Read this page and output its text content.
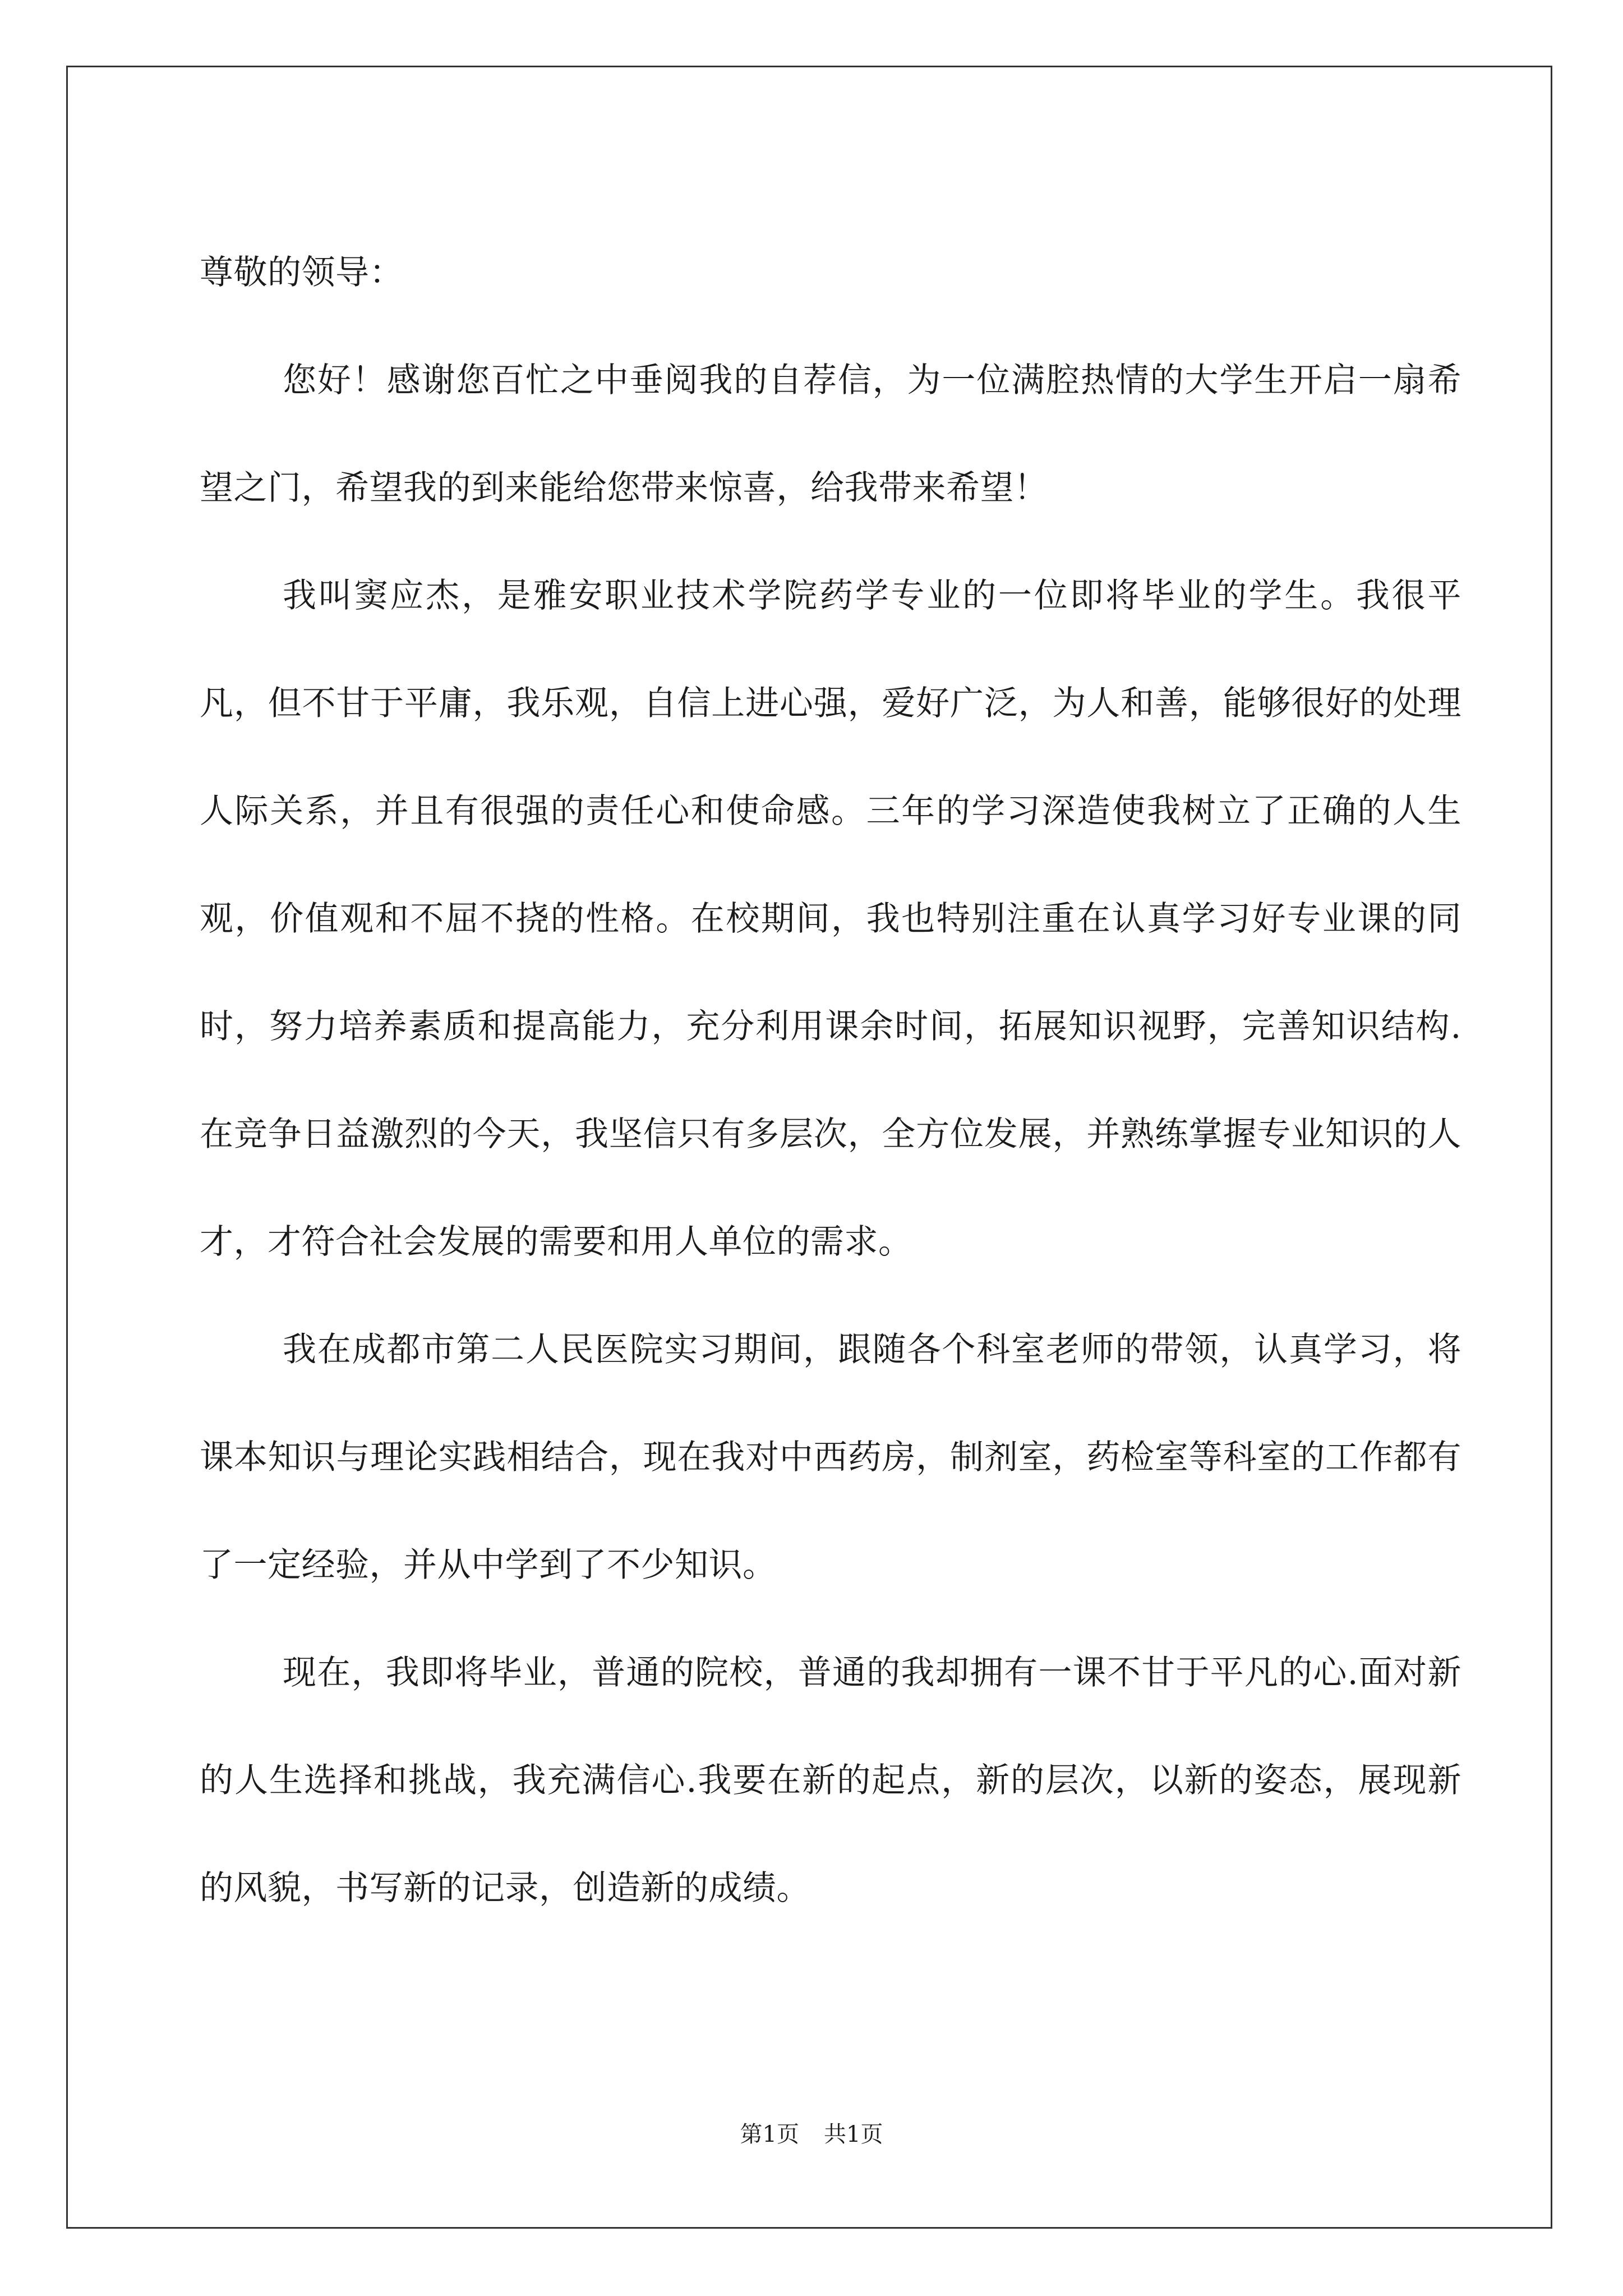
尊敬的领导：

您好！感谢您百忙之中垂阅我的自荐信，为一位满腔热情的大学生开启一扇希望之门，希望我的到来能给您带来惊喜，给我带来希望！

我叫窦应杰，是雅安职业技术学院药学专业的一位即将毕业的学生。我很平凡，但不甘于平庸，我乐观，自信上进心强，爱好广泛，为人和善，能够很好的处理人际关系，并且有很强的责任心和使命感。三年的学习深造使我树立了正确的人生观，价值观和不屈不挠的性格。在校期间，我也特别注重在认真学习好专业课的同时，努力培养素质和提高能力，充分利用课余时间，拓展知识视野，完善知识结构.在竞争日益激烈的今天，我坚信只有多层次，全方位发展，并熟练掌握专业知识的人才，才符合社会发展的需要和用人单位的需求。

我在成都市第二人民医院实习期间，跟随各个科室老师的带领，认真学习，将课本知识与理论实践相结合，现在我对中西药房，制剂室，药检室等科室的工作都有了一定经验，并从中学到了不少知识。

现在，我即将毕业，普通的院校，普通的我却拥有一课不甘于平凡的心.面对新的人生选择和挑战，我充满信心.我要在新的起点，新的层次，以新的姿态，展现新的风貌，书写新的记录，创造新的成绩。

第1页 共1页
